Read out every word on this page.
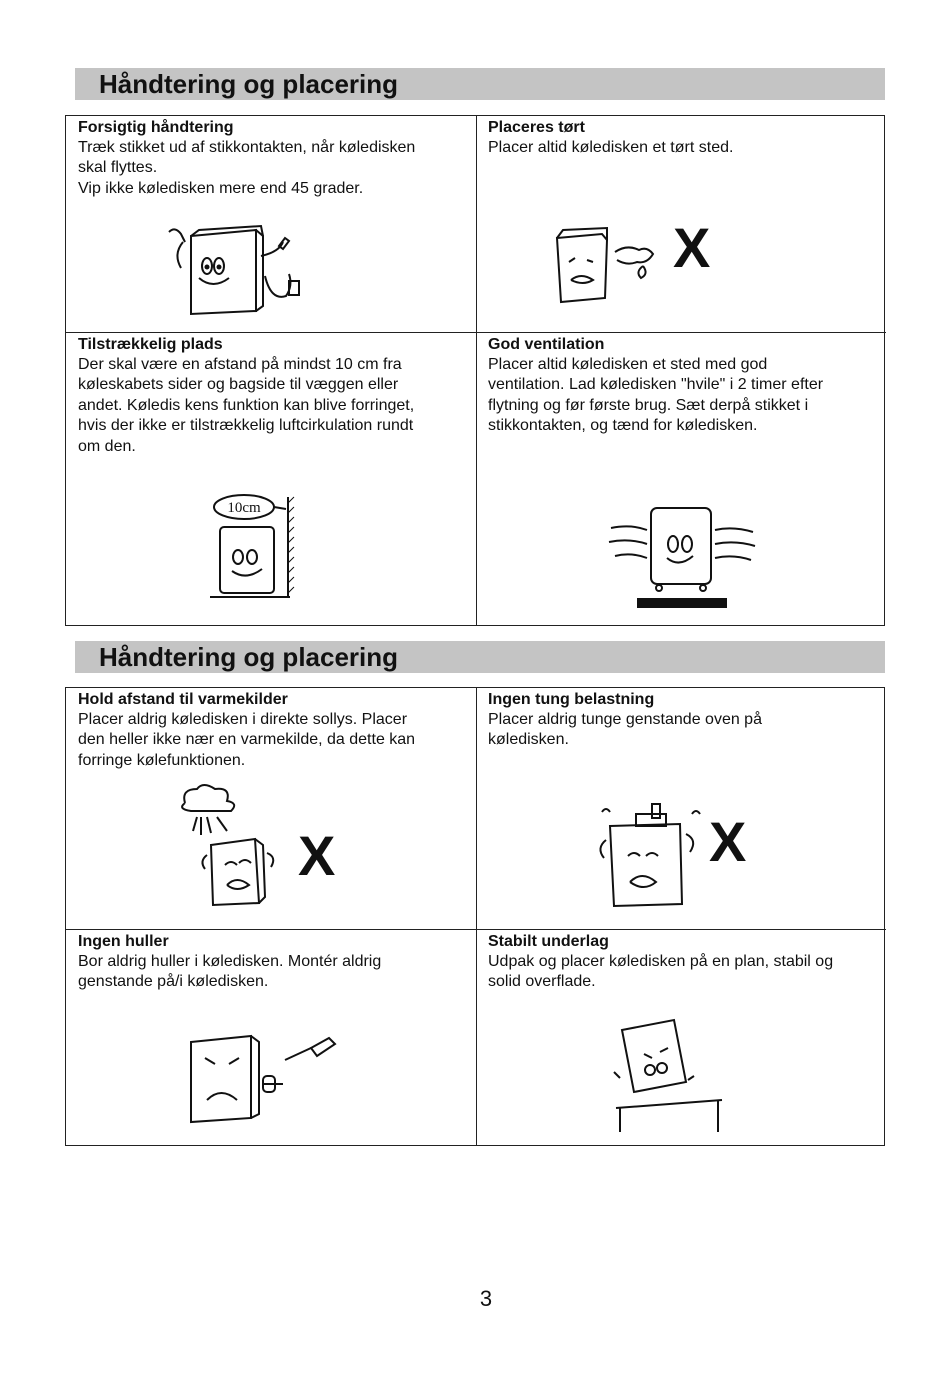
Håndtering og placering
Forsigtig håndtering

Træk stikket ud af stikkontakten, når køledisken

skal flyttes.

Vip ikke køledisken mere end 45 grader.

Placeres tørt

Placer altid køledisken et tørt sted.

X
Tilstrækkelig plads

Der skal være en afstand på mindst 10 cm fra

køleskabets sider og bagside til væggen eller

andet. Køledis kens funktion kan blive forringet,

hvis der ikke er tilstrækkelig luftcirkulation rundt

om den.

10cm
God ventilation

Placer altid køledisken et sted med god

ventilation. Lad køledisken "hvile" i 2 timer efter

flytning og før første brug. Sæt derpå stikket i

stikkontakten, og tænd for køledisken.

Håndtering og placering
Hold afstand til varmekilder

Placer aldrig køledisken i direkte sollys. Placer

den heller ikke nær en varmekilde, da dette kan

forringe kølefunktionen.

X
Ingen tung belastning

Placer aldrig tunge genstande oven på

køledisken.

X
Ingen huller

Bor aldrig huller i køledisken. Montér aldrig

genstande på/i køledisken.

Stabilt underlag

Udpak og placer køledisken på en plan, stabil og

solid overflade.

3
